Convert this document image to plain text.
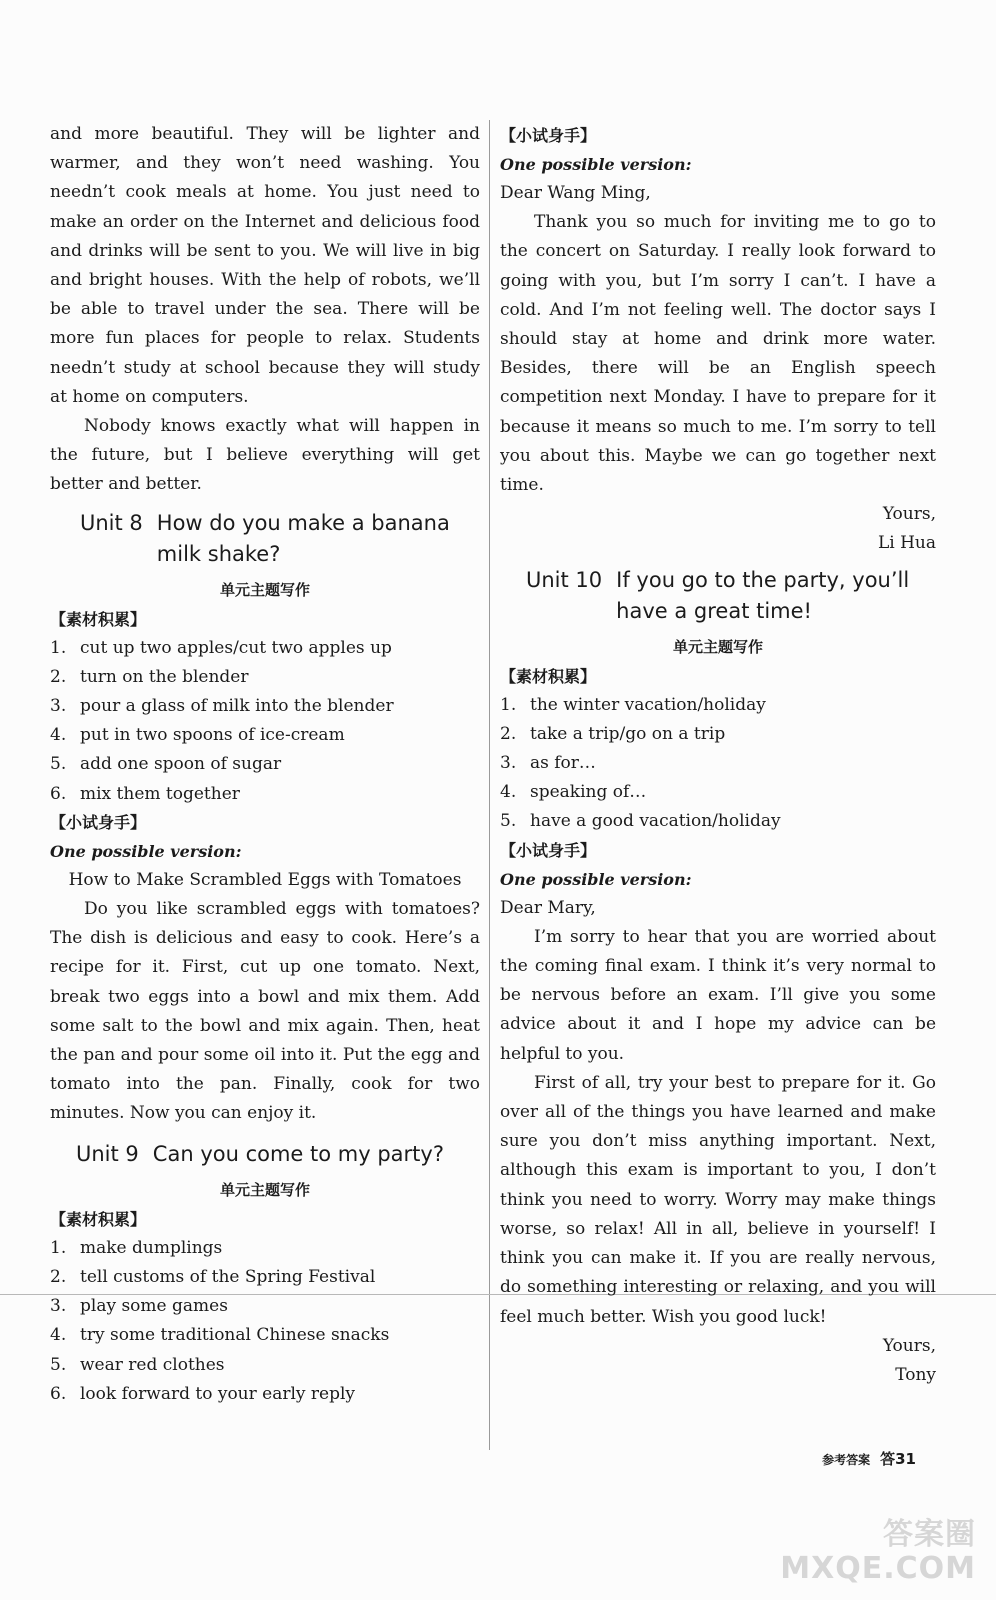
and more beautiful. They will be lighter and warmer, and they won’t need washing. You needn’t cook meals at home. You just need to make an order on the Internet and delicious food and drinks will be sent to you. We will live in big and bright houses. With the help of robots, we’ll be able to travel under the sea. There will be more fun places for people to relax. Students needn’t study at school because they will study at home on computers.

Nobody knows exactly what will happen in the future, but I believe everything will get better and better.

Unit 8 How do you make a banana milk shake?
单元主题写作

【素材积累】

1. cut up two apples/cut two apples up
2. turn on the blender
3. pour a glass of milk into the blender
4. put in two spoons of ice-cream
5. add one spoon of sugar
6. mix them together

【小试身手】

One possible version:

How to Make Scrambled Eggs with Tomatoes

Do you like scrambled eggs with tomatoes? The dish is delicious and easy to cook. Here’s a recipe for it. First, cut up one tomato. Next, break two eggs into a bowl and mix them. Add some salt to the bowl and mix again. Then, heat the pan and pour some oil into it. Put the egg and tomato into the pan. Finally, cook for two minutes. Now you can enjoy it.

Unit 9 Can you come to my party?
单元主题写作

【素材积累】

1. make dumplings
2. tell customs of the Spring Festival
3. play some games
4. try some traditional Chinese snacks
5. wear red clothes
6. look forward to your early reply

【小试身手】

One possible version:

Dear Wang Ming,

Thank you so much for inviting me to go to the concert on Saturday. I really look forward to going with you, but I’m sorry I can’t. I have a cold. And I’m not feeling well. The doctor says I should stay at home and drink more water. Besides, there will be an English speech competition next Monday. I have to prepare for it because it means so much to me. I’m sorry to tell you about this. Maybe we can go together next time.

Yours,

Li Hua

Unit 10 If you go to the party, you’ll have a great time!
单元主题写作

【素材积累】

1. the winter vacation/holiday
2. take a trip/go on a trip
3. as for…
4. speaking of…
5. have a good vacation/holiday

【小试身手】

One possible version:

Dear Mary,

I’m sorry to hear that you are worried about the coming final exam. I think it’s very normal to be nervous before an exam. I’ll give you some advice about it and I hope my advice can be helpful to you.

First of all, try your best to prepare for it. Go over all of the things you have learned and make sure you don’t miss anything important. Next, although this exam is important to you, I don’t think you need to worry. Worry may make things worse, so relax! All in all, believe in yourself! I think you can make it. If you are really nervous, do something interesting or relaxing, and you will feel much better. Wish you good luck!

Yours,

Tony

参考答案 答31
答案圈
MXQE.COM
